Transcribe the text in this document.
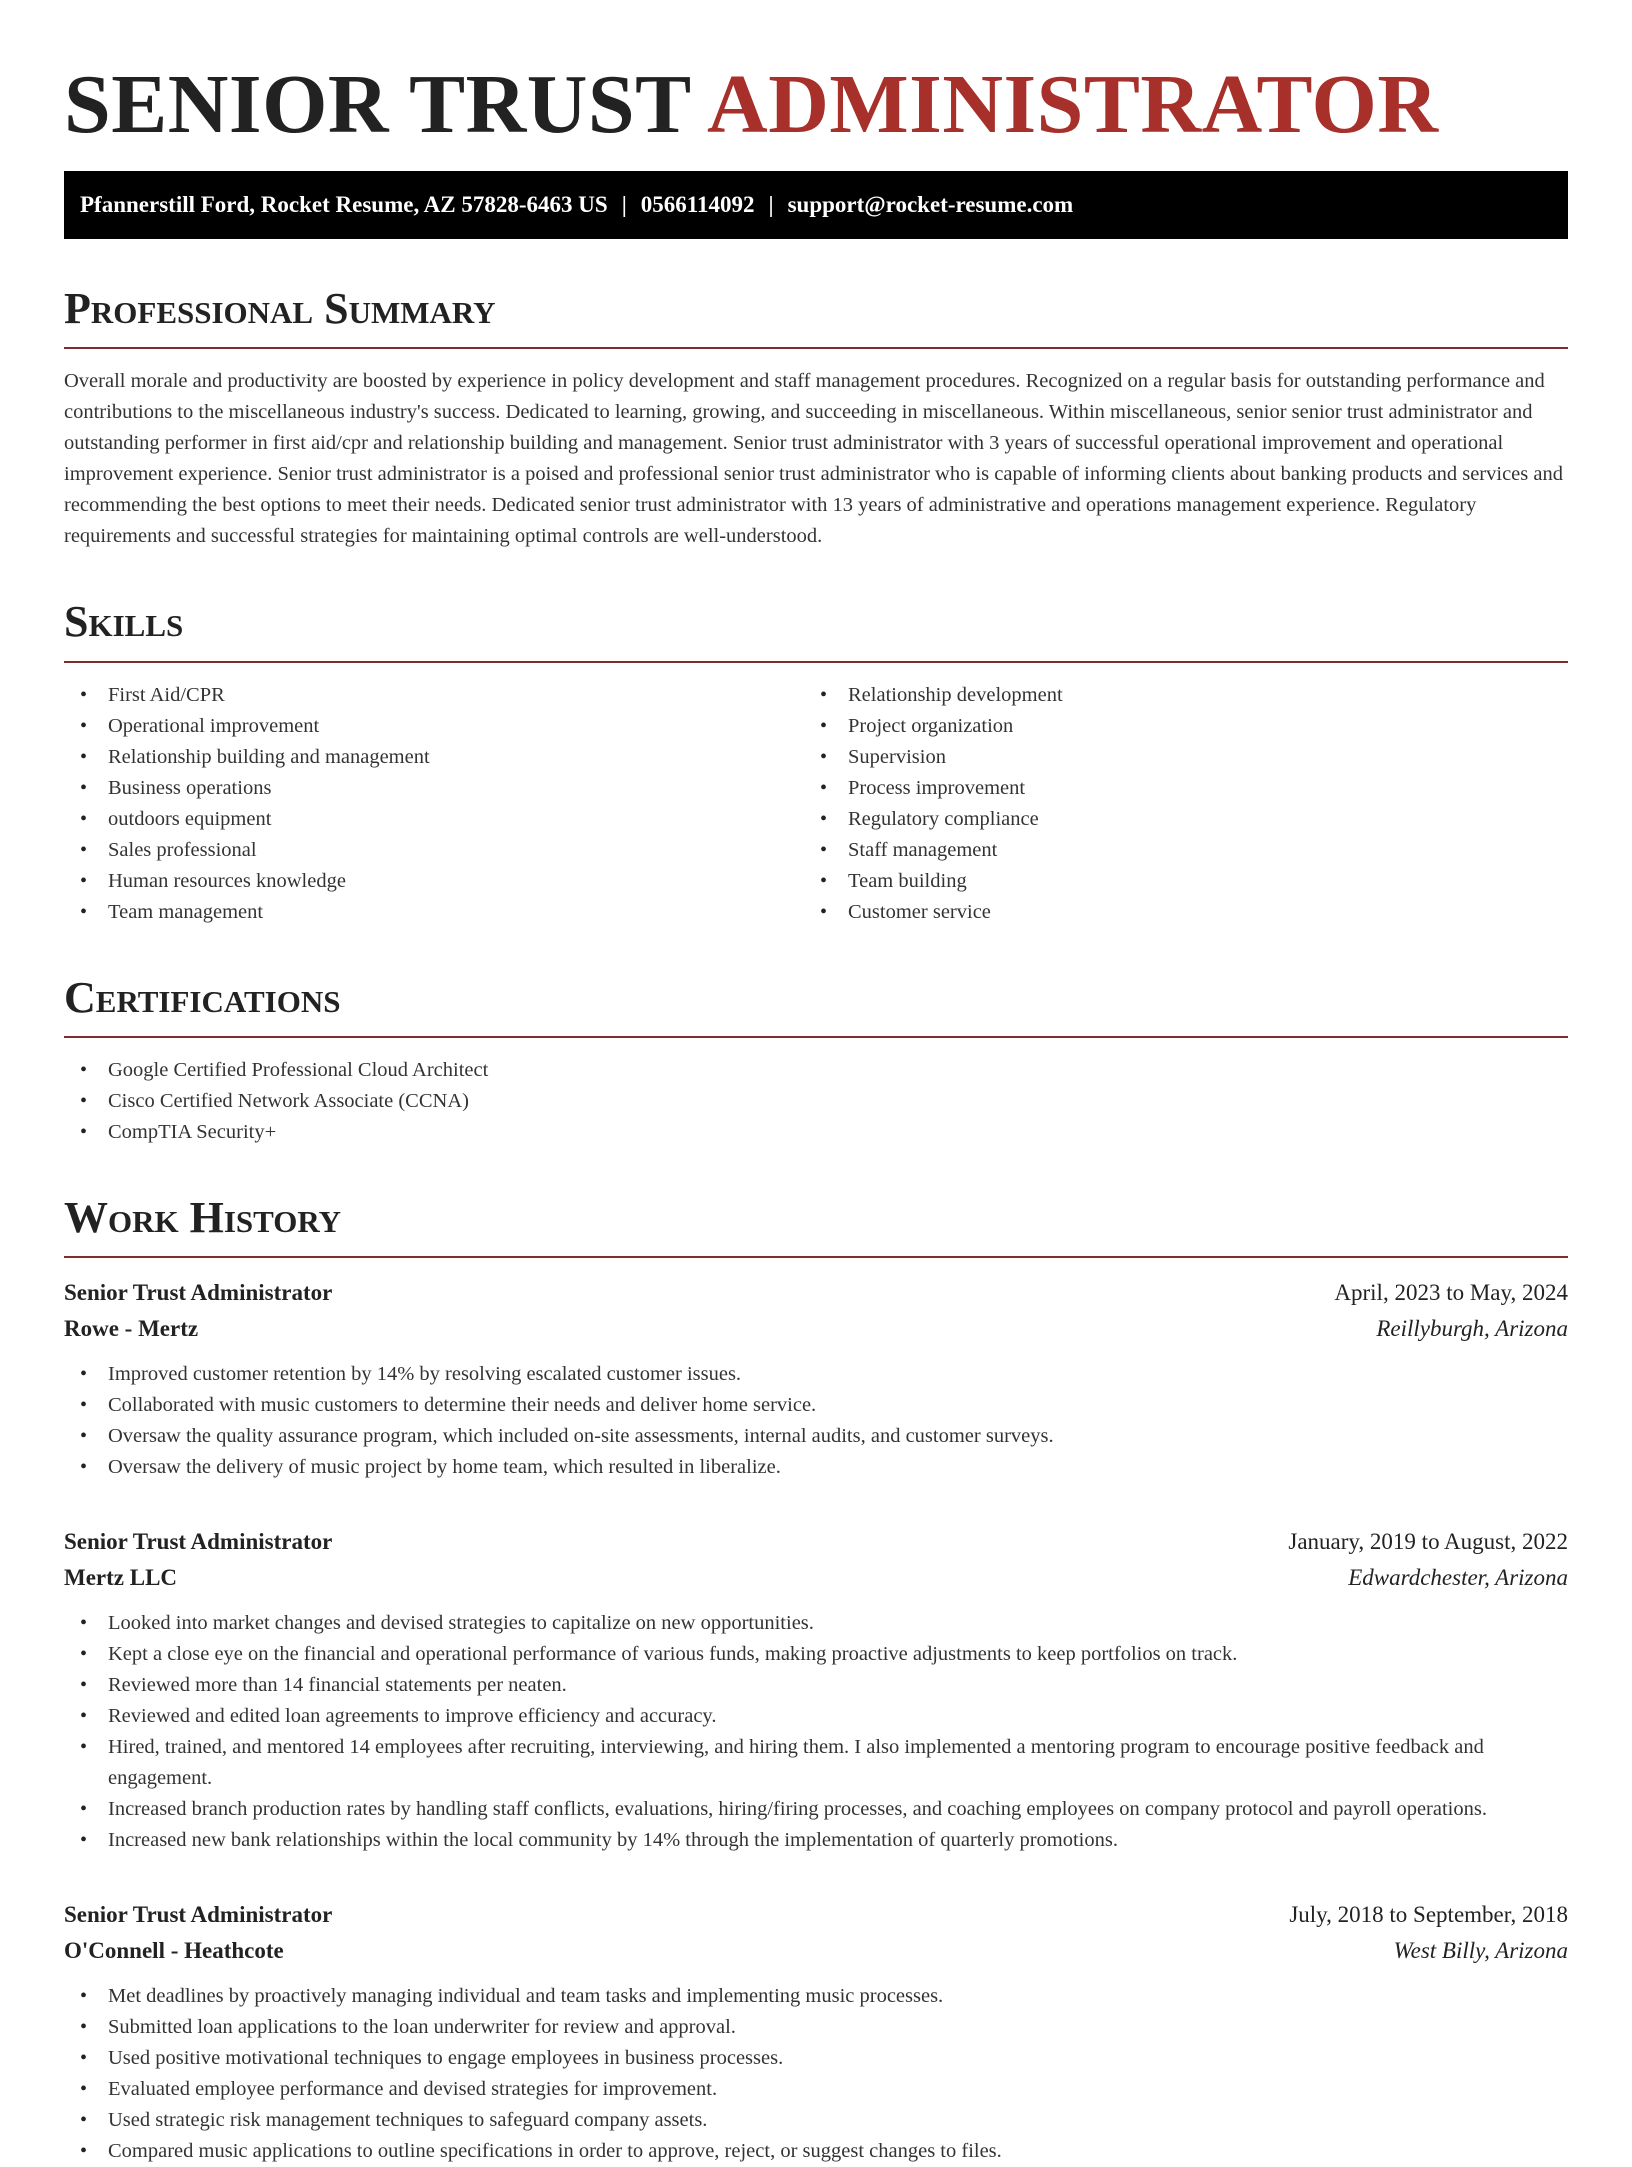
SENIOR TRUST ADMINISTRATOR
Pfannerstill Ford, Rocket Resume, AZ 57828-6463 US | 0566114092 | support@rocket-resume.com
Professional Summary

Overall morale and productivity are boosted by experience in policy development and staff management procedures. Recognized on a regular basis for outstanding performance and contributions to the miscellaneous industry's success. Dedicated to learning, growing, and succeeding in miscellaneous. Within miscellaneous, senior senior trust administrator and outstanding performer in first aid/cpr and relationship building and management. Senior trust administrator with 3 years of successful operational improvement and operational improvement experience. Senior trust administrator is a poised and professional senior trust administrator who is capable of informing clients about banking products and services and recommending the best options to meet their needs. Dedicated senior trust administrator with 13 years of administrative and operations management experience. Regulatory requirements and successful strategies for maintaining optimal controls are well-understood.

Skills
• First Aid/CPR
• Operational improvement
• Relationship building and management
• Business operations
• outdoors equipment
• Sales professional
• Human resources knowledge
• Team management
• Relationship development
• Project organization
• Supervision
• Process improvement
• Regulatory compliance
• Staff management
• Team building
• Customer service
Certifications
• Google Certified Professional Cloud Architect
• Cisco Certified Network Associate (CCNA)
• CompTIA Security+
Work History
Senior Trust Administrator	April, 2023 to May, 2024
Rowe - Mertz	Reillyburgh, Arizona
• Improved customer retention by 14% by resolving escalated customer issues.
• Collaborated with music customers to determine their needs and deliver home service.
• Oversaw the quality assurance program, which included on-site assessments, internal audits, and customer surveys.
• Oversaw the delivery of music project by home team, which resulted in liberalize.
Senior Trust Administrator	January, 2019 to August, 2022
Mertz LLC	Edwardchester, Arizona
• Looked into market changes and devised strategies to capitalize on new opportunities.
• Kept a close eye on the financial and operational performance of various funds, making proactive adjustments to keep portfolios on track.
• Reviewed more than 14 financial statements per neaten.
• Reviewed and edited loan agreements to improve efficiency and accuracy.
• Hired, trained, and mentored 14 employees after recruiting, interviewing, and hiring them. I also implemented a mentoring program to encourage positive feedback and engagement.
• Increased branch production rates by handling staff conflicts, evaluations, hiring/firing processes, and coaching employees on company protocol and payroll operations.
• Increased new bank relationships within the local community by 14% through the implementation of quarterly promotions.
Senior Trust Administrator	July, 2018 to September, 2018
O'Connell - Heathcote	West Billy, Arizona
• Met deadlines by proactively managing individual and team tasks and implementing music processes.
• Submitted loan applications to the loan underwriter for review and approval.
• Used positive motivational techniques to engage employees in business processes.
• Evaluated employee performance and devised strategies for improvement.
• Used strategic risk management techniques to safeguard company assets.
• Compared music applications to outline specifications in order to approve, reject, or suggest changes to files.
